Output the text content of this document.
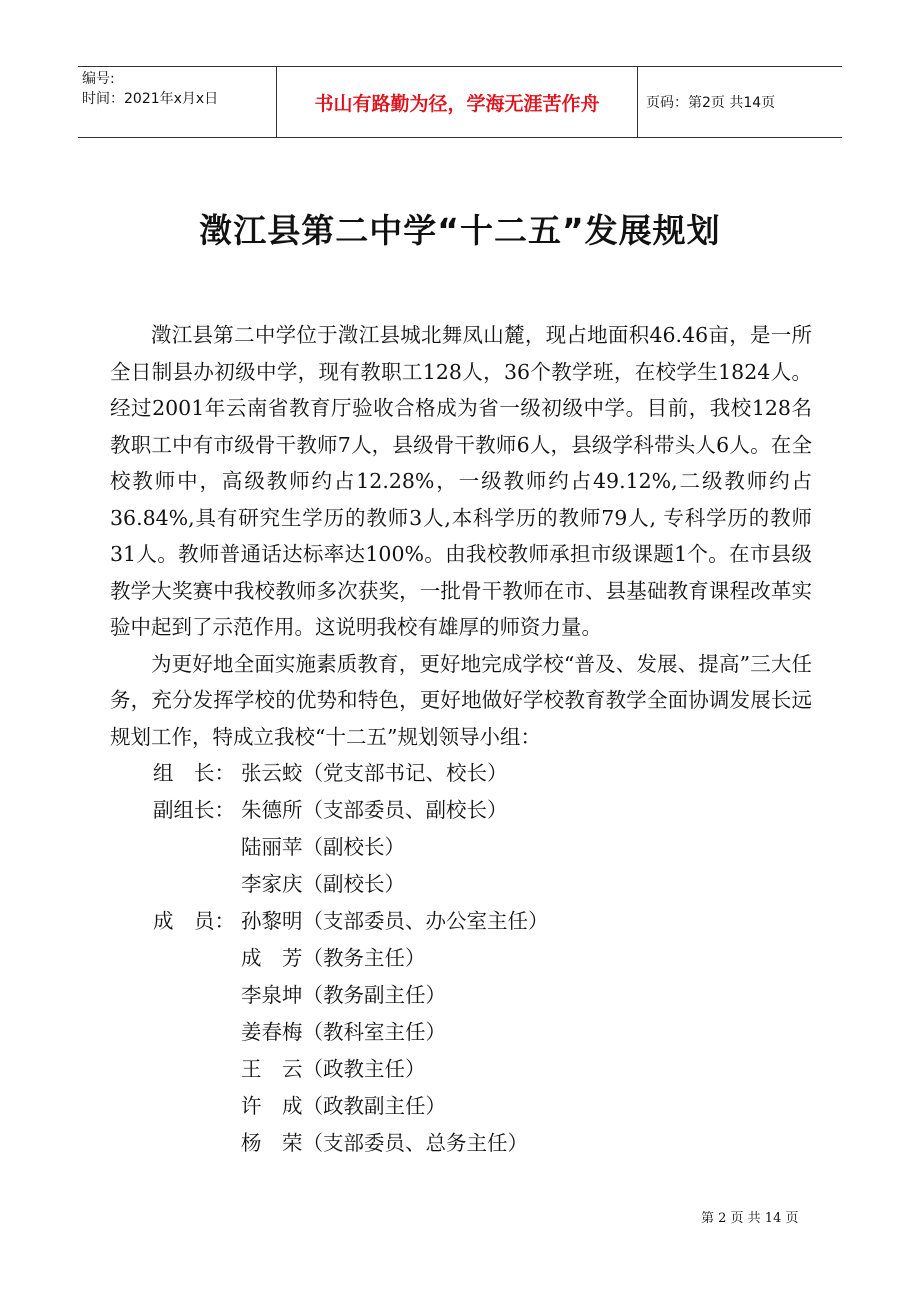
编号:
时间：2021年x月x日	书山有路勤为径，学海无涯苦作舟	页码：第2页 共14页
澂江县第二中学“十二五”发展规划

澂江县第二中学位于澂江县城北舞凤山麓，现占地面积46.46亩，是一所全日制县办初级中学，现有教职工128人，36个教学班，在校学生1824人。经过2001年云南省教育厅验收合格成为省一级初级中学。目前，我校128名教职工中有市级骨干教师7人，县级骨干教师6人，县级学科带头人6人。在全校教师中，高级教师约占12.28%，一级教师约占49.12%,二级教师约占36.84%,具有研究生学历的教师3人,本科学历的教师79人, 专科学历的教师31人。教师普通话达标率达100%。由我校教师承担市级课题1个。在市县级教学大奖赛中我校教师多次获奖，一批骨干教师在市、县基础教育课程改革实验中起到了示范作用。这说明我校有雄厚的师资力量。

为更好地全面实施素质教育，更好地完成学校“普及、发展、提高”三大任务，充分发挥学校的优势和特色，更好地做好学校教育教学全面协调发展长远规划工作，特成立我校“十二五”规划领导小组：

组　长： 张云蛟（党支部书记、校长）
副组长： 朱德所（支部委员、副校长）
陆丽苹（副校长）
李家庆（副校长）
成　员： 孙黎明（支部委员、办公室主任）
成　芳（教务主任）
李泉坤（教务副主任）
姜春梅（教科室主任）
王　云（政教主任）
许　成（政教副主任）
杨　荣（支部委员、总务主任）
第 2 页 共 14 页
